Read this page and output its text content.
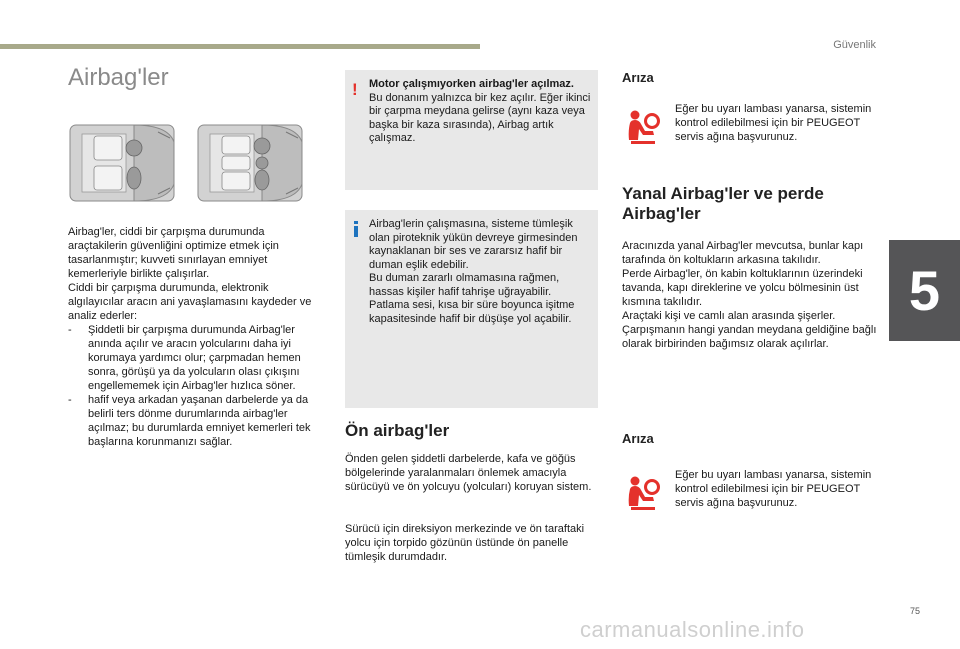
Güvenlik
5
75
carmanualsonline.info
Airbag'ler
Airbag'ler, ciddi bir çarpışma durumunda araçtakilerin güvenliğini optimize etmek için tasarlanmıştır; kuvveti sınırlayan emniyet kemerleriyle birlikte çalışırlar.
Ciddi bir çarpışma durumunda, elektronik algılayıcılar aracın ani yavaşlamasını kaydeder ve analiz ederler:
- Şiddetli bir çarpışma durumunda Airbag'ler anında açılır ve aracın yolcularını daha iyi korumaya yardımcı olur; çarpmadan hemen sonra, görüşü ya da yolcuların olası çıkışını engellememek için Airbag'ler hızlıca söner.
- hafif veya arkadan yaşanan darbelerde ya da belirli ters dönme durumlarında airbag'ler açılmaz; bu durumlarda emniyet kemerleri tek başlarına korunmanızı sağlar.
! Motor çalışmıyorken airbag'ler açılmaz.
Bu donanım yalnızca bir kez açılır. Eğer ikinci bir çarpma meydana gelirse (aynı kaza veya başka bir kaza sırasında), Airbag artık çalışmaz.
Airbag'lerin çalışmasına, sisteme tümleşik olan piroteknik yükün devreye girmesinden kaynaklanan bir ses ve zararsız hafif bir duman eşlik edebilir.
Bu duman zararlı olmamasına rağmen, hassas kişiler hafif tahrişe uğrayabilir.
Patlama sesi, kısa bir süre boyunca işitme kapasitesinde hafif bir düşüşe yol açabilir.
Ön airbag'ler
Önden gelen şiddetli darbelerde, kafa ve göğüs bölgelerinde yaralanmaları önlemek amacıyla sürücüyü ve ön yolcuyu (yolcuları) koruyan sistem.
Sürücü için direksiyon merkezinde ve ön taraftaki yolcu için torpido gözünün üstünde ön panelle tümleşik durumdadır.
Arıza
Eğer bu uyarı lambası yanarsa, sistemin kontrol edilebilmesi için bir PEUGEOT servis ağına başvurunuz.
Yanal Airbag'ler ve perde Airbag'ler
Aracınızda yanal Airbag'ler mevcutsa, bunlar kapı tarafında ön koltukların arkasına takılıdır.
Perde Airbag'ler, ön kabin koltuklarının üzerindeki tavanda, kapı direklerine ve yolcu bölmesinin üst kısmına takılıdır.
Araçtaki kişi ve camlı alan arasında şişerler.
Çarpışmanın hangi yandan meydana geldiğine bağlı olarak birbirinden bağımsız olarak açılırlar.
Arıza
Eğer bu uyarı lambası yanarsa, sistemin kontrol edilebilmesi için bir PEUGEOT servis ağına başvurunuz.
